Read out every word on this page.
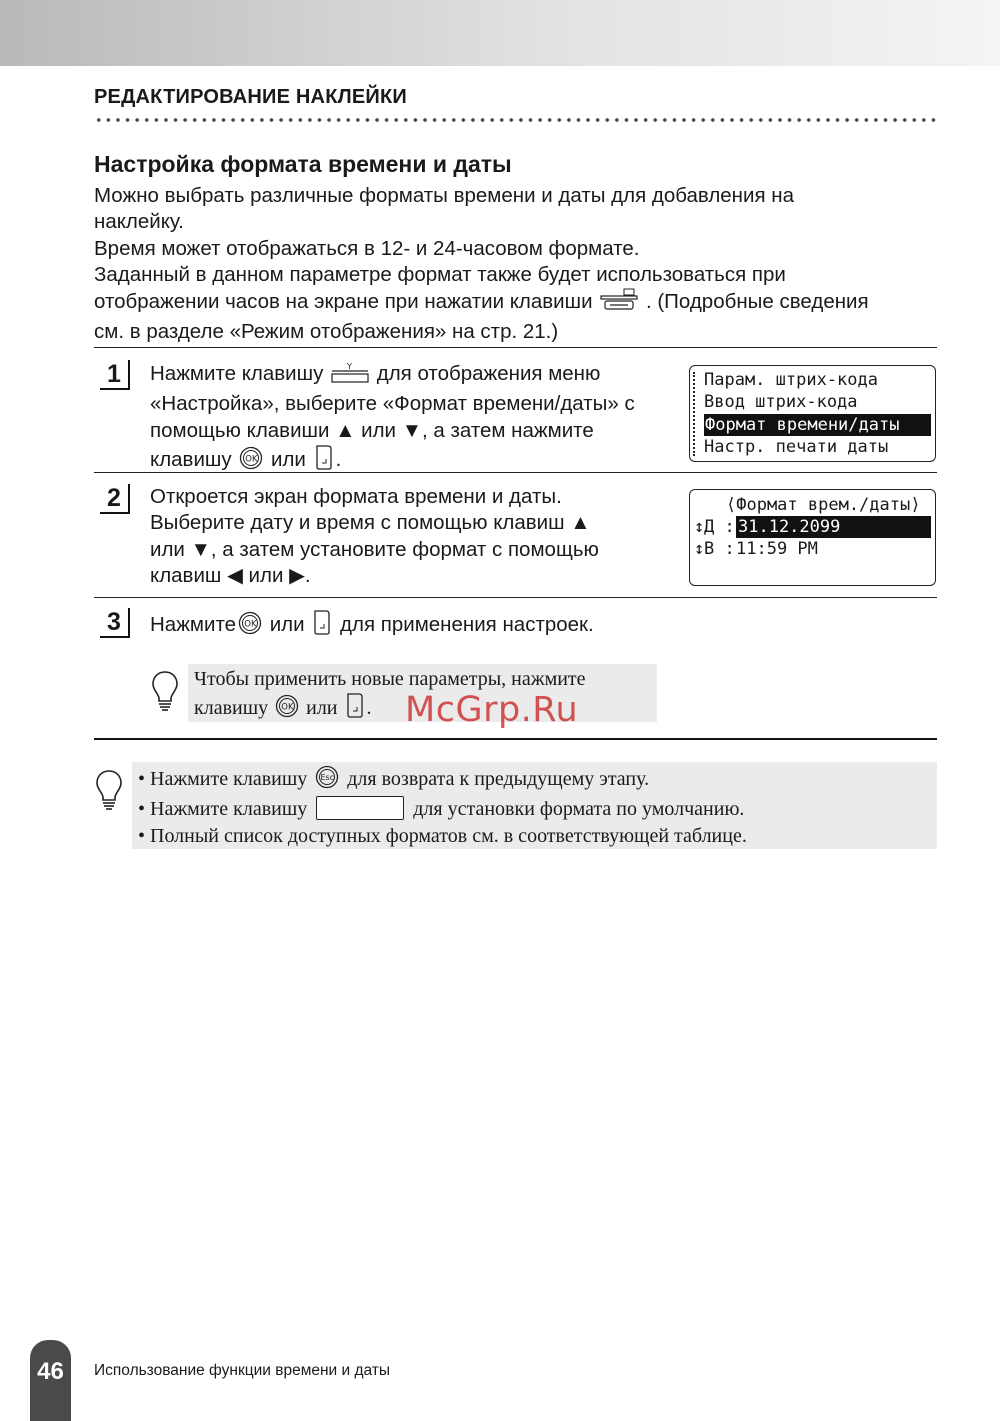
РЕДАКТИРОВАНИЕ НАКЛЕЙКИ
Настройка формата времени и даты

Можно выбрать различные форматы времени и даты для добавления на

наклейку.

Время может отображаться в 12- и 24-часовом формате.

Заданный в данном параметре формат также будет использоваться при

отображении часов на экране при нажатии клавиши	. (Подробные сведения

см. в разделе «Режим отображения» на стр. 21.)

1	Нажмите клавишу	Y для отображения меню
«Настройка», выберите «Формат времени/даты» с
помощью клавиши ▲ или ▼, а затем нажмите
клавишу OK или .
Парам. штрих-кода
Ввод штрих-кода
Формат времени/даты
Настр. печати даты
2	Откроется экран формата времени и даты.
Выберите дату и время с помощью клавиш ▲
или ▼, а затем установите формат с помощью
клавиш ◀ или ▶.
⟨Формат врем./даты⟩
↕ Д : 31.12.2099
↕ В : 11:59 PM
3	Нажмите OK или для применения настроек.
Чтобы применить новые параметры, нажмите
клавишу OK или . McGrp.Ru
• Нажмите клавишу Esc для возврата к предыдущему этапу.
• Нажмите клавишу	для установки формата по умолчанию.
• Полный список доступных форматов см. в соответствующей таблице.
46	Использование функции времени и даты
